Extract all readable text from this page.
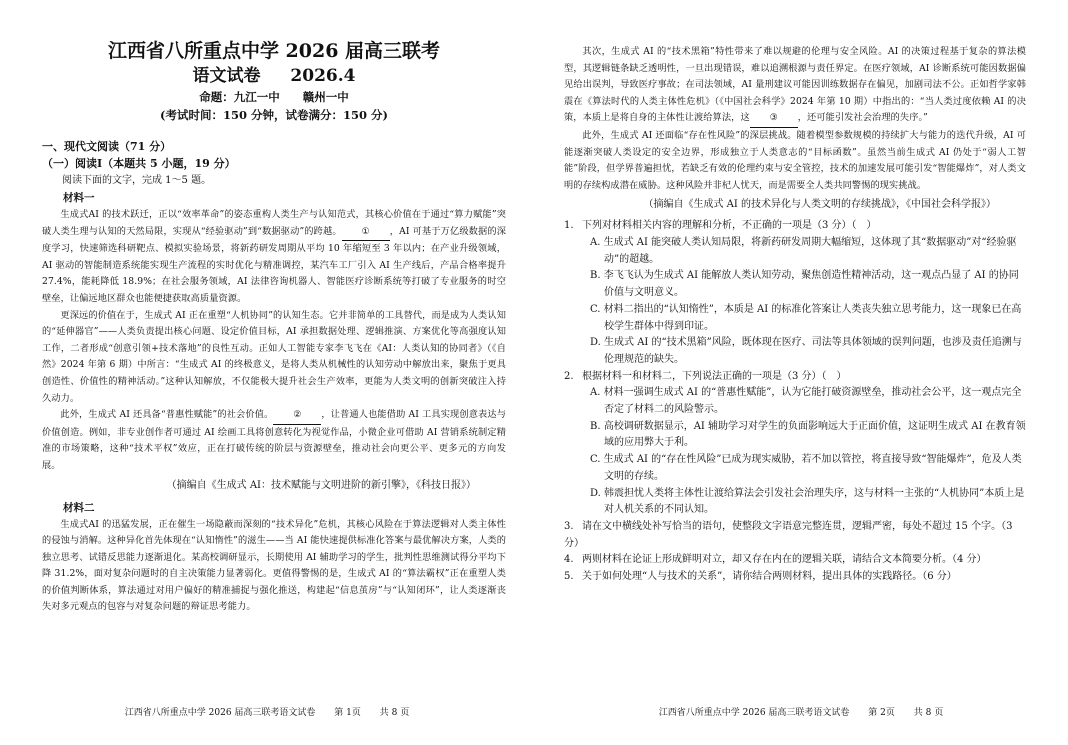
江西省八所重点中学 2026 届高三联考

语文试卷 2026.4

命题：九江一中　　赣州一中

(考试时间：150 分钟，试卷满分：150 分)

一、现代文阅读（71 分）
（一）阅读Ⅰ（本题共 5 小题，19 分）

阅读下面的文字，完成 1～5 题。

材料一

生成式AI 的技术跃迁，正以“效率革命”的姿态重构人类生产与认知范式，其核心价值在于通过“算力赋能”突破人类生理与认知的天然局限，实现从“经验驱动”到“数据驱动”的跨越。 ① ，AI 可基于万亿级数据的深度学习，快速筛选科研靶点、模拟实验场景，将新药研发周期从平均 10 年缩短至 3 年以内；在产业升级领域，AI 驱动的智能制造系统能实现生产流程的实时优化与精准调控，某汽车工厂引入 AI 生产线后，产品合格率提升 27.4%，能耗降低 18.9%；在社会服务领域，AI 法律咨询机器人、智能医疗诊断系统等打破了专业服务的时空壁垒，让偏远地区群众也能便捷获取高质量资源。

更深远的价值在于，生成式 AI 正在重塑“人机协同”的认知生态。它并非简单的工具替代，而是成为人类认知的“延伸器官”——人类负责提出核心问题、设定价值目标，AI 承担数据处理、逻辑推演、方案优化等高强度认知工作，二者形成“创意引领+技术落地”的良性互动。正如人工智能专家李飞飞在《AI：人类认知的协同者》（《自然》2024 年第 6 期）中所言：“生成式 AI 的终极意义，是将人类从机械性的认知劳动中解放出来，聚焦于更具创造性、价值性的精神活动。”这种认知解放，不仅能极大提升社会生产效率，更能为人类文明的创新突破注入持久动力。

此外，生成式 AI 还具备“普惠性赋能”的社会价值。 ② ，让普通人也能借助 AI 工具实现创意表达与价值创造。例如，非专业创作者可通过 AI 绘画工具将创意转化为视觉作品，小微企业可借助 AI 营销系统制定精准的市场策略，这种“技术平权”效应，正在打破传统的阶层与资源壁垒，推动社会向更公平、更多元的方向发展。

（摘编自《生成式 AI：技术赋能与文明进阶的新引擎》，《科技日报》）

材料二

生成式AI 的迅猛发展，正在催生一场隐蔽而深刻的“技术异化”危机，其核心风险在于算法逻辑对人类主体性的侵蚀与消解。这种异化首先体现在“认知惰性”的滋生——当 AI 能快速提供标准化答案与最优解决方案，人类的独立思考、试错反思能力逐渐退化。某高校调研显示，长期使用 AI 辅助学习的学生，批判性思维测试得分平均下降 31.2%，面对复杂问题时的自主决策能力显著弱化。更值得警惕的是，生成式 AI 的“算法霸权”正在重塑人类的价值判断体系，算法通过对用户偏好的精准捕捉与强化推送，构建起“信息茧房”与“认知闭环”，让人类逐渐丧失对多元观点的包容与对复杂问题的辩证思考能力。

江西省八所重点中学 2026 届高三联考语文试卷 第 1页 共 8 页

其次，生成式 AI 的“技术黑箱”特性带来了难以规避的伦理与安全风险。AI 的决策过程基于复杂的算法模型，其逻辑链条缺乏透明性，一旦出现错误，难以追溯根源与责任界定。在医疗领域，AI 诊断系统可能因数据偏见给出误判，导致医疗事故；在司法领域，AI 量刑建议可能因训练数据存在偏见，加剧司法不公。正如哲学家韩震在《算法时代的人类主体性危机》（《中国社会科学》2024 年第 10 期）中指出的：“当人类过度依赖 AI 的决策，本质上是将自身的主体性让渡给算法，这 ③ ，还可能引发社会治理的失序。”

此外，生成式 AI 还面临“存在性风险”的深层挑战。随着模型参数规模的持续扩大与能力的迭代升级，AI 可能逐渐突破人类设定的安全边界，形成独立于人类意志的“目标函数”。虽然当前生成式 AI 仍处于“弱人工智能”阶段，但学界普遍担忧，若缺乏有效的伦理约束与安全管控，技术的加速发展可能引发“智能爆炸”，对人类文明的存续构成潜在威胁。这种风险并非杞人忧天，而是需要全人类共同警惕的现实挑战。

（摘编自《生成式 AI 的技术异化与人类文明的存续挑战》，《中国社会科学报》）

1. 下列对材料相关内容的理解和分析，不正确的一项是（3 分）（　）

A. 生成式 AI 能突破人类认知局限，将新药研发周期大幅缩短，这体现了其“数据驱动”对“经验驱动”的超越。

B. 李飞飞认为生成式 AI 能解放人类认知劳动，聚焦创造性精神活动，这一观点凸显了 AI 的协同价值与文明意义。

C. 材料二指出的“认知惰性”，本质是 AI 的标准化答案让人类丧失独立思考能力，这一现象已在高校学生群体中得到印证。

D. 生成式 AI 的“技术黑箱”风险，既体现在医疗、司法等具体领域的误判问题，也涉及责任追溯与伦理规范的缺失。

2. 根据材料一和材料二，下列说法正确的一项是（3 分）（　）

A. 材料一强调生成式 AI 的“普惠性赋能”，认为它能打破资源壁垒，推动社会公平，这一观点完全否定了材料二的风险警示。

B. 高校调研数据显示，AI 辅助学习对学生的负面影响远大于正面价值，这证明生成式 AI 在教育领域的应用弊大于利。

C. 生成式 AI 的“存在性风险”已成为现实威胁，若不加以管控，将直接导致“智能爆炸”，危及人类文明的存续。

D. 韩震担忧人类将主体性让渡给算法会引发社会治理失序，这与材料一主张的“人机协同”本质上是对人机关系的不同认知。

3. 请在文中横线处补写恰当的语句，使整段文字语意完整连贯，逻辑严密，每处不超过 15 个字。（3 分）

4. 两则材料在论证上形成鲜明对立，却又存在内在的逻辑关联，请结合文本简要分析。（4 分）

5. 关于如何处理“人与技术的关系”，请你结合两则材料，提出具体的实践路径。（6 分）

江西省八所重点中学 2026 届高三联考语文试卷 第 2页 共 8 页
